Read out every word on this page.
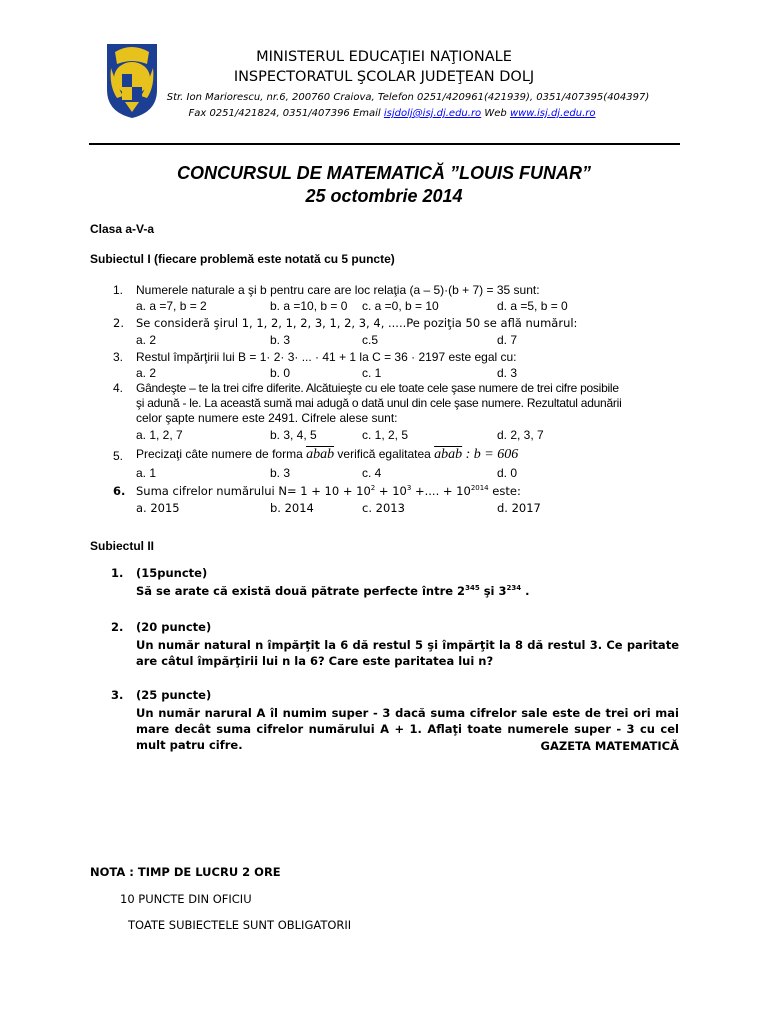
MINISTERUL EDUCAŢIEI NAŢIONALE
INSPECTORATUL ŞCOLAR JUDEŢEAN DOLJ
Str. Ion Mariorescu, nr.6, 200760 Craiova, Telefon 0251/420961(421939), 0351/407395(404397)
Fax 0251/421824, 0351/407396 Email isjdolj@isj.dj.edu.ro Web www.isj.dj.edu.ro
CONCURSUL DE MATEMATICĂ ”LOUIS FUNAR”
25 octombrie 2014
Clasa a-V-a
Subiectul I (fiecare problemă este notată cu 5 puncte)
1. Numerele naturale a şi b pentru care are loc relaţia (a – 5)·(b + 7) = 35 sunt:
a. a =7, b = 2	b. a =10, b = 0 c. a =0, b = 10	d. a =5, b = 0
2. Se consideră şirul 1, 1, 2, 1, 2, 3, 1, 2, 3, 4, .....Pe poziţia 50 se află numărul:
a. 2	b. 3	c.5	d. 7
3. Restul împărţirii lui B = 1· 2· 3· ... · 41 + 1 la C = 36 · 2197 este egal cu:
a. 2	b. 0	c. 1	d. 3
4. Gândeşte – te la trei cifre diferite. Alcătuieşte cu ele toate cele şase numere de trei cifre posibile
şi adună - le. La această sumă mai adugă o dată unul din cele şase numere. Rezultatul adunării
celor şapte numere este 2491. Cifrele alese sunt:
a. 1, 2, 7	b. 3, 4, 5	c. 1, 2, 5	d. 2, 3, 7
5. Precizaţi câte numere de forma abab verifică egalitatea abab : b = 606
a. 1	b. 3	c. 4	d. 0
6. Suma cifrelor numărului $N= 1 + 10 + 10^2 + 10^3$ +.... + $10^{2014}$ este:
a. 2015	b. 2014	c. 2013	d. 2017
Subiectul II
1. (15puncte)
Să se arate că există două pătrate perfecte între $2^{345}$ şi $3^{234}$ .
2. (20 puncte)
Un număr natural n împărţit la 6 dă restul 5 şi împărţit la 8 dă restul 3. Ce paritate are câtul împărţirii lui n la 6? Care este paritatea lui n?
3. (25 puncte)
Un număr narural A îl numim super - 3 dacă suma cifrelor sale este de trei ori mai mare decât suma cifrelor numărului A + 1. Aflaţi toate numerele super - 3 cu cel mult patru cifre.	GAZETA MATEMATICĂ
NOTA : TIMP DE LUCRU 2 ORE
10 PUNCTE DIN OFICIU
TOATE SUBIECTELE SUNT OBLIGATORII
